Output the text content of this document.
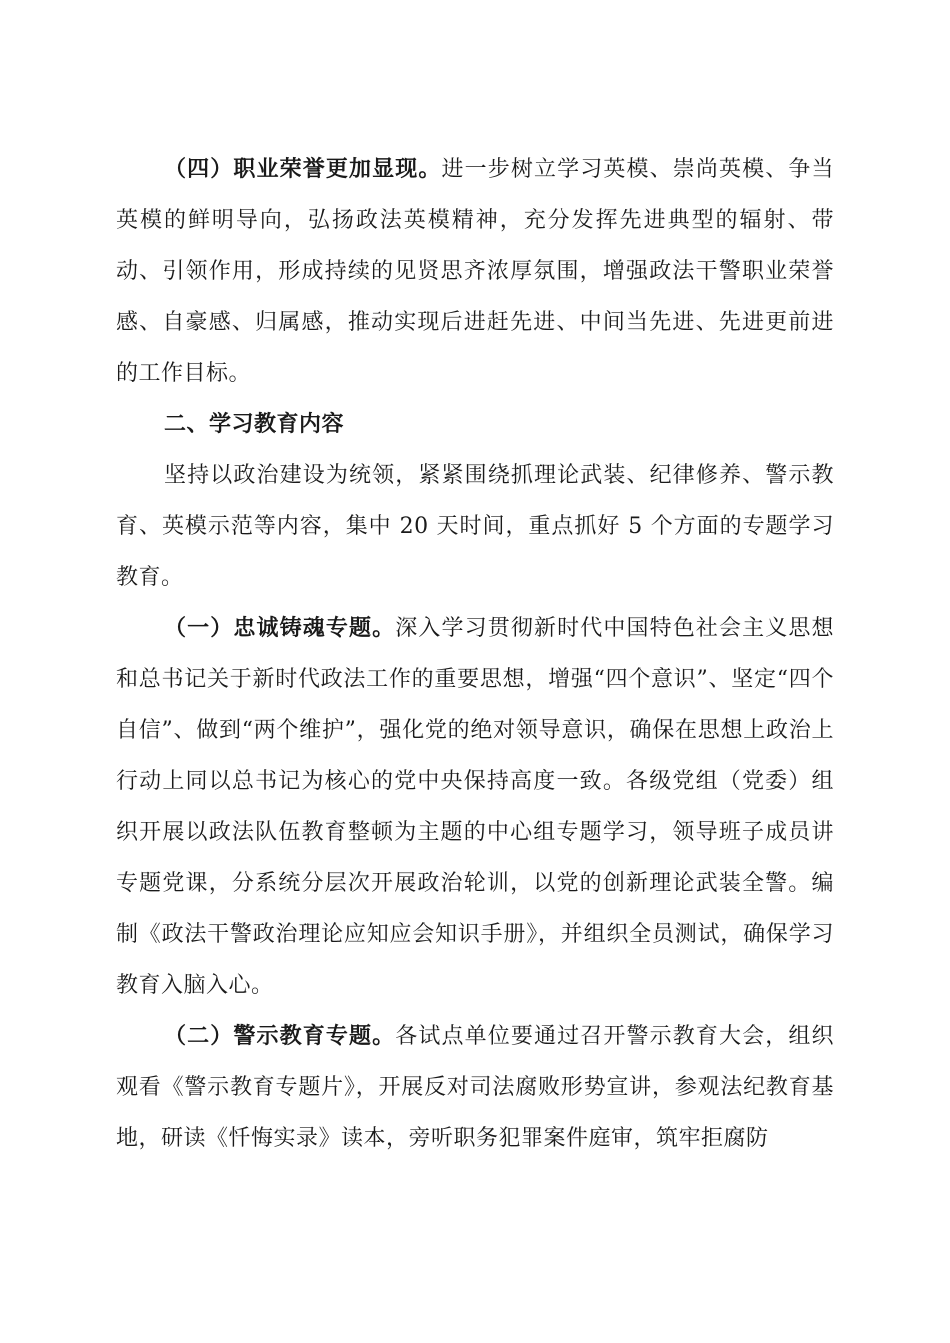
（四）职业荣誉更加显现。进一步树立学习英模、崇尚英模、争当英模的鲜明导向，弘扬政法英模精神，充分发挥先进典型的辐射、带动、引领作用，形成持续的见贤思齐浓厚氛围，增强政法干警职业荣誉感、自豪感、归属感，推动实现后进赶先进、中间当先进、先进更前进的工作目标。

二、学习教育内容

坚持以政治建设为统领，紧紧围绕抓理论武装、纪律修养、警示教育、英模示范等内容，集中 20 天时间，重点抓好 5 个方面的专题学习教育。

（一）忠诚铸魂专题。深入学习贯彻新时代中国特色社会主义思想和总书记关于新时代政法工作的重要思想，增强“四个意识”、坚定“四个自信”、做到“两个维护”，强化党的绝对领导意识，确保在思想上政治上行动上同以总书记为核心的党中央保持高度一致。各级党组（党委）组织开展以政法队伍教育整顿为主题的中心组专题学习，领导班子成员讲专题党课，分系统分层次开展政治轮训，以党的创新理论武装全警。编制《政法干警政治理论应知应会知识手册》，并组织全员测试，确保学习教育入脑入心。

（二）警示教育专题。各试点单位要通过召开警示教育大会，组织观看《警示教育专题片》，开展反对司法腐败形势宣讲，参观法纪教育基地，研读《忏悔实录》读本，旁听职务犯罪案件庭审，筑牢拒腐防
